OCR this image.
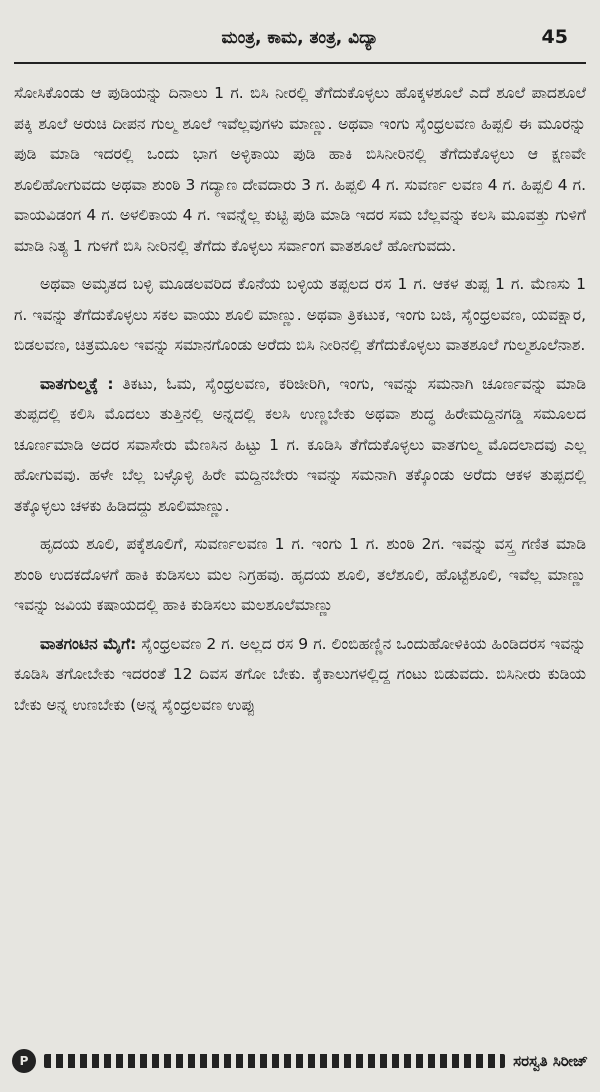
ಮಂತ್ರ, ಕಾಮ, ತಂತ್ರ, ವಿದ್ಯಾ	45

ಸೋಸಿಕೊಂಡು ಆ ಪುಡಿಯನ್ನು ದಿನಾಲು 1 ಗ. ಬಿಸಿ ನೀರಲ್ಲಿ ತೆಗೆದುಕೊಳ್ಳಲು ಹೊಕ್ಕಳಶೂಲೆ ಎದೆ ಶೂಲೆ ಪಾದಶೂಲೆ ಪಕ್ಕಿ ಶೂಲೆ ಅರುಚಿ ದೀಪನ ಗುಲ್ಮ ಶೂಲೆ ಇವೆಲ್ಲವುಗಳು ಮಾಣ್ಣು. ಅಥವಾ ಇಂಗು ಸೈಂಧ್ರಲವಣ ಹಿಪ್ಪಲಿ ಈ ಮೂರನ್ನು ಪುಡಿ ಮಾಡಿ ಇದರಲ್ಲಿ ಒಂದು ಭಾಗ ಅಳ್ಳಿಕಾಯಿ ಪುಡಿ ಹಾಕಿ ಬಿಸಿನೀರಿನಲ್ಲಿ ತೆಗೆದುಕೊಳ್ಳಲು ಆ ಕ್ಷಣವೇ ಶೂಲಿಹೋಗುವದು ಅಥವಾ ಶುಂಠಿ 3 ಗದ್ಯಾಣ ದೇವದಾರು 3 ಗ. ಹಿಪ್ಪಲಿ 4 ಗ. ಸುವರ್ಣ ಲವಣ 4 ಗ. ಹಿಪ್ಪಲಿ 4 ಗ. ವಾಯವಿಡಂಗ 4 ಗ. ಅಳಲಿಕಾಯ 4 ಗ. ಇವನ್ನೆಲ್ಲ ಕುಟ್ಟಿ ಪುಡಿ ಮಾಡಿ ಇದರ ಸಮ ಬೆಲ್ಲವನ್ನು ಕಲಸಿ ಮೂವತ್ತು ಗುಳಿಗೆ ಮಾಡಿ ನಿತ್ಯ 1 ಗುಳಗೆ ಬಿಸಿ ನೀರಿನಲ್ಲಿ ತೆಗೆದು ಕೊಳ್ಳಲು ಸರ್ವಾಂಗ ವಾತಶೂಲೆ ಹೋಗುವದು.

ಅಥವಾ ಅಮೃತದ ಬಳ್ಳಿ ಮೂಡಲವರಿದ ಕೊನೆಯ ಬಳ್ಳಿಯ ತಪ್ಪಲದ ರಸ 1 ಗ. ಆಕಳ ತುಪ್ಪ 1 ಗ. ಮೆಣಸು 1 ಗ. ಇವನ್ನು ತೆಗೆದುಕೊಳ್ಳಲು ಸಕಲ ವಾಯು ಶೂಲಿ ಮಾಣ್ಣು. ಅಥವಾ ತ್ರಿಕಟುಕ, ಇಂಗು ಬಜಿ, ಸೈಂಧ್ರಲವಣ, ಯವಕ್ಷಾರ, ಬಿಡಲವಣ, ಚಿತ್ರಮೂಲ ಇವನ್ನು ಸಮಾನಗೊಂಡು ಅರೆದು ಬಿಸಿ ನೀರಿನಲ್ಲಿ ತೆಗೆದುಕೊಳ್ಳಲು ವಾತಶೂಲೆ ಗುಲ್ಮಶೂಲೆನಾಶ.

ವಾತಗುಲ್ಮಕ್ಕೆ : ತಿಕಟು, ಓಮ, ಸೈಂಧ್ರಲವಣ, ಕರಿಜೀರಿಗಿ, ಇಂಗು, ಇವನ್ನು ಸಮನಾಗಿ ಚೂರ್ಣವನ್ನು ಮಾಡಿ ತುಪ್ಪದಲ್ಲಿ ಕಲಿಸಿ ಮೊದಲು ತುತ್ತಿನಲ್ಲಿ ಅನ್ನದಲ್ಲಿ ಕಲಸಿ ಉಣ್ಣಬೇಕು ಅಥವಾ ಶುದ್ಧ ಹಿರೇಮದ್ದಿನಗಡ್ಡಿ ಸಮೂಲದ ಚೂರ್ಣಮಾಡಿ ಅದರ ಸವಾಸೇರು ಮೆಣಸಿನ ಹಿಟ್ಟು 1 ಗ. ಕೂಡಿಸಿ ತೆಗೆದುಕೊಳ್ಳಲು ವಾತಗುಲ್ಮ ಮೊದಲಾದವು ಎಲ್ಲ ಹೋಗುವವು. ಹಳೇ ಬೆಲ್ಲ ಬಳ್ಳೊಳ್ಳಿ ಹಿರೇ ಮದ್ದಿನಬೇರು ಇವನ್ನು ಸಮನಾಗಿ ತಕ್ಕೊಂಡು ಅರೆದು ಆಕಳ ತುಪ್ಪದಲ್ಲಿ ತಕ್ಕೊಳ್ಳಲು ಚಳಕು ಹಿಡಿದದ್ದು ಶೂಲಿಮಾಣ್ಣು.

ಹೃದಯ ಶೂಲಿ, ಪಕ್ಕೆಶೂಲಿಗೆ, ಸುವರ್ಣಲವಣ 1 ಗ. ಇಂಗು 1 ಗ. ಶುಂಠಿ 2ಗ. ಇವನ್ನು ವಸ್ತ್ರ ಗಣಿತ ಮಾಡಿ ಶುಂಠಿ ಉದಕದೊಳಗೆ ಹಾಕಿ ಕುಡಿಸಲು ಮಲ ನಿಗ್ರಹವು. ಹೃದಯ ಶೂಲಿ, ತಲೆಶೂಲಿ, ಹೊಟ್ಟೆಶೂಲಿ, ಇವೆಲ್ಲ ಮಾಣ್ಣು ಇವನ್ನು ಜವಿಯ ಕಷಾಯದಲ್ಲಿ ಹಾಕಿ ಕುಡಿಸಲು ಮಲಶೂಲೆಮಾಣ್ಣು

ವಾತಗಂಟಿನ ಮೈಗೆ: ಸೈಂಧ್ರಲವಣ 2 ಗ. ಅಲ್ಲದ ರಸ 9 ಗ. ಲಿಂಬಿಹಣ್ಣಿನ ಒಂದುಹೋಳಿಕಿಯ ಹಿಂಡಿದರಸ ಇವನ್ನು ಕೂಡಿಸಿ ತಗೋಬೇಕು ಇದರಂತೆ 12 ದಿವಸ ತಗೋ ಬೇಕು. ಕೈಕಾಲುಗಳಲ್ಲಿದ್ದ ಗಂಟು ಬಿಡುವದು. ಬಿಸಿನೀರು ಕುಡಿಯ ಬೇಕು ಅನ್ನ ಉಣಬೇಕು (ಅನ್ನ ಸೈಂಧ್ರಲವಣ ಉಪ್ಪು

P	ಸರಸ್ವತಿ ಸಿರೀಜ್
